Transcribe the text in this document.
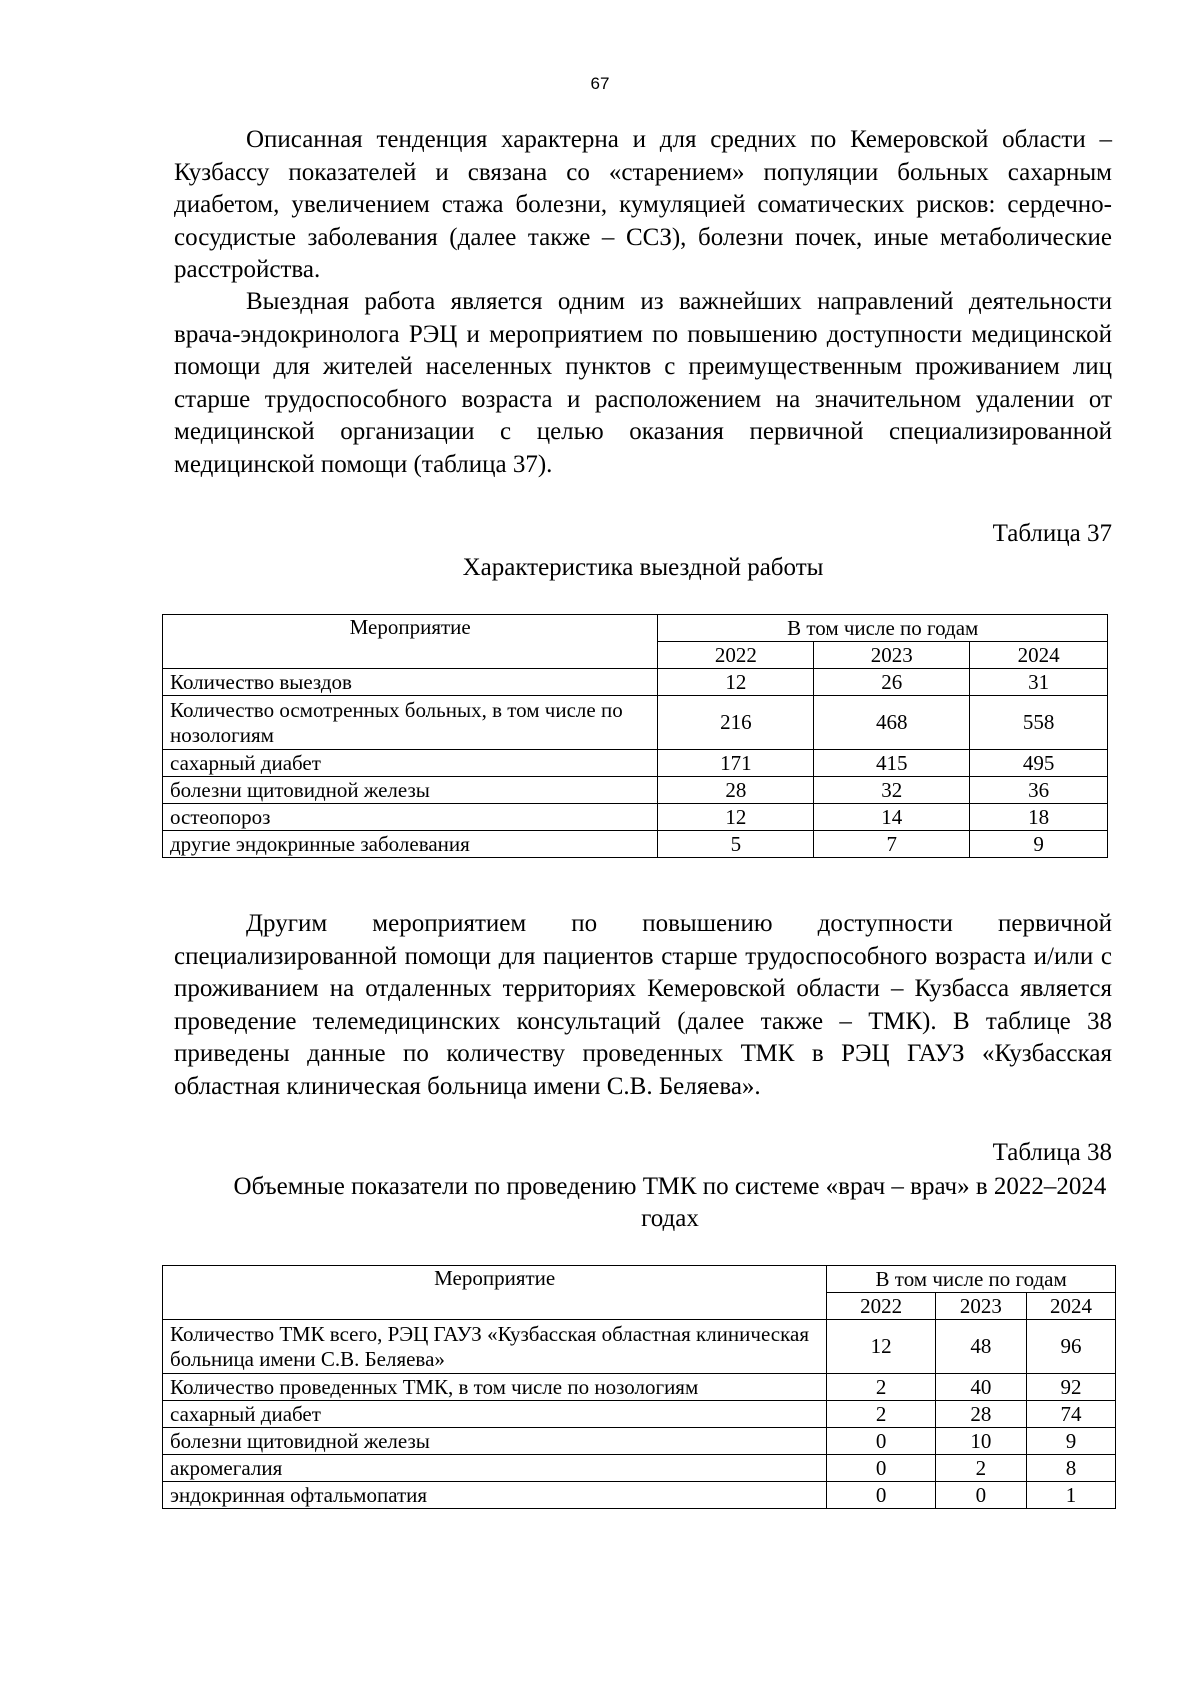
67

Описанная тенденция характерна и для средних по Кемеровской области – Кузбассу показателей и связана со «старением» популяции больных сахарным диабетом, увеличением стажа болезни, кумуляцией соматических рисков: сердечно-сосудистые заболевания (далее также – ССЗ), болезни почек, иные метаболические расстройства.

Выездная работа является одним из важнейших направлений деятельности врача-эндокринолога РЭЦ и мероприятием по повышению доступности медицинской помощи для жителей населенных пунктов с преимущественным проживанием лиц старше трудоспособного возраста и расположением на значительном удалении от медицинской организации с целью оказания первичной специализированной медицинской помощи (таблица 37).

Таблица 37

Характеристика выездной работы

Мероприятие	В том числе по годам		
	2022	2023	2024
Количество выездов	12	26	31
Количество осмотренных больных, в том числе по нозологиям	216	468	558
сахарный диабет	171	415	495
болезни щитовидной железы	28	32	36
остеопороз	12	14	18
другие эндокринные заболевания	5	7	9

Другим мероприятием по повышению доступности первичной специализированной помощи для пациентов старше трудоспособного возраста и/или с проживанием на отдаленных территориях Кемеровской области – Кузбасса является проведение телемедицинских консультаций (далее также – ТМК). В таблице 38 приведены данные по количеству проведенных ТМК в РЭЦ ГАУЗ «Кузбасская областная клиническая больница имени С.В. Беляева».

Таблица 38

Объемные показатели по проведению ТМК по системе «врач – врач» в 2022–2024 годах

Мероприятие	В том числе по годам		
	2022	2023	2024
Количество ТМК всего, РЭЦ ГАУЗ «Кузбасская областная клиническая больница имени С.В. Беляева»	12	48	96
Количество проведенных ТМК, в том числе по нозологиям	2	40	92
сахарный диабет	2	28	74
болезни щитовидной железы	0	10	9
акромегалия	0	2	8
эндокринная офтальмопатия	0	0	1
